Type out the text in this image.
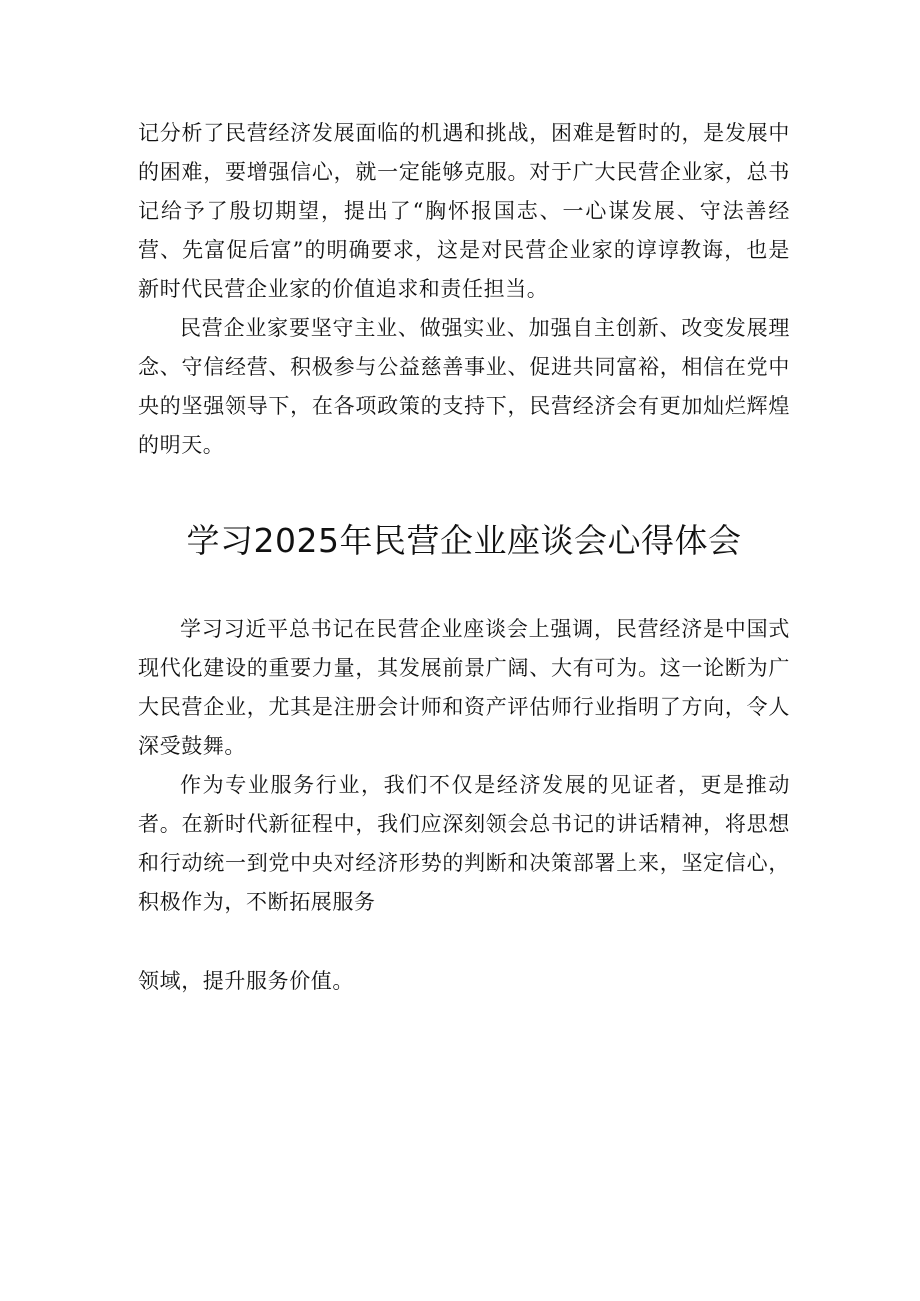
记分析了民营经济发展面临的机遇和挑战，困难是暂时的，是发展中的困难，要增强信心，就一定能够克服。对于广大民营企业家，总书记给予了殷切期望，提出了“胸怀报国志、一心谋发展、守法善经营、先富促后富”的明确要求，这是对民营企业家的谆谆教诲，也是新时代民营企业家的价值追求和责任担当。

民营企业家要坚守主业、做强实业、加强自主创新、改变发展理念、守信经营、积极参与公益慈善事业、促进共同富裕，相信在党中央的坚强领导下，在各项政策的支持下，民营经济会有更加灿烂辉煌的明天。

学习2025年民营企业座谈会心得体会

学习习近平总书记在民营企业座谈会上强调，民营经济是中国式现代化建设的重要力量，其发展前景广阔、大有可为。这一论断为广大民营企业，尤其是注册会计师和资产评估师行业指明了方向，令人深受鼓舞。

作为专业服务行业，我们不仅是经济发展的见证者，更是推动者。在新时代新征程中，我们应深刻领会总书记的讲话精神，将思想和行动统一到党中央对经济形势的判断和决策部署上来，坚定信心，积极作为，不断拓展服务

领域，提升服务价值。
